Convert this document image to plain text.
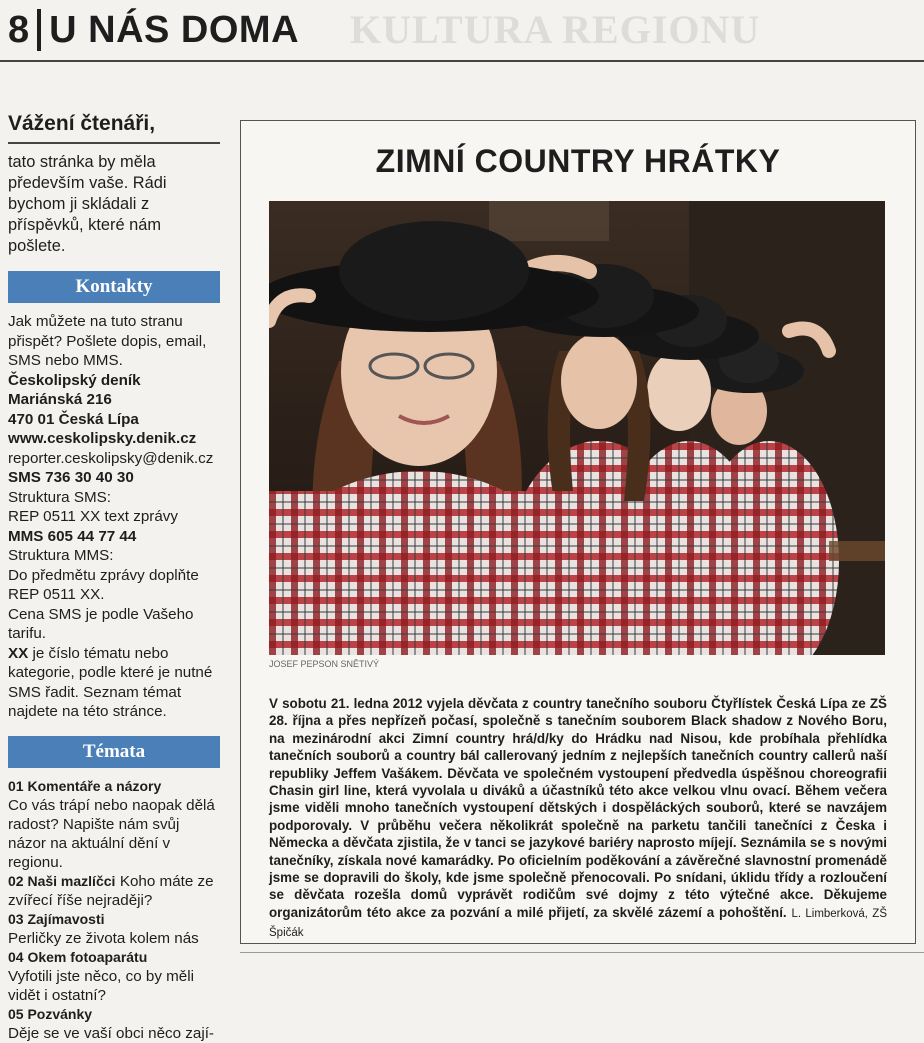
KULTURA REGIONU
8 U NÁS DOMA
Vážení čtenáři,
tato stránka by měla především vaše. Rádi bychom ji skládali z příspěvků, které nám pošlete.
Kontakty
Jak můžete na tuto stranu přispět? Pošlete dopis, email, SMS nebo MMS.
Českolipský deník
Mariánská 216
470 01 Česká Lípa
www.ceskolipsky.denik.cz
reporter.ceskolipsky@denik.cz
SMS 736 30 40 30
Struktura SMS:
REP 0511 XX text zprávy
MMS 605 44 77 44
Struktura MMS:
Do předmětu zprávy doplňte REP 0511 XX.
Cena SMS je podle Vašeho tarifu.
XX je číslo tématu nebo kategorie, podle které je nutné SMS řadit. Seznam témat najdete na této stránce.
Témata
01 Komentáře a názory
Co vás trápí nebo naopak dělá radost? Napište nám svůj názor na aktuální dění v regionu.
02 Naši mazlíčci Koho máte ze zvířecí říše nejraději?
03 Zajímavosti
Perličky ze života kolem nás
04 Okem fotoaparátu
Vyfotili jste něco, co by měli vidět i ostatní?
05 Pozvánky
Děje se ve vaší obci něco zají-
ZIMNÍ COUNTRY HRÁTKY
JOSEF PEPSON SNĚTIVÝ
V sobotu 21. ledna 2012 vyjela děvčata z country tanečního souboru Čtyřlístek Česká Lípa ze ZŠ 28. října a přes nepřízeň počasí, společně s tanečním souborem Black shadow z Nového Boru, na mezinárodní akci Zimní country hrá/d/ky do Hrádku nad Nisou, kde probíhala přehlídka tanečních souborů a country bál callerovaný jedním z nejlepších tanečních country callerů naší republiky Jeffem Vašákem. Děvčata ve společném vystoupení předvedla úspěšnou choreografii Chasin girl line, která vyvolala u diváků a účastníků této akce velkou vlnu ovací. Během večera jsme viděli mnoho tanečních vystoupení dětských i dospěláckých souborů, které se navzájem podporovaly. V průběhu večera několikrát společně na parketu tančili tanečníci z Česka i Německa a děvčata zjistila, že v tanci se jazykové bariéry naprosto míjejí. Seznámila se s novými tanečníky, získala nové kamarádky. Po oficielním poděkování a závěrečné slavnostní promenádě jsme se dopravili do školy, kde jsme společně přenocovali. Po snídani, úklidu třídy a rozloučení se děvčata rozešla domů vyprávět rodičům své dojmy z této výtečné akce. Děkujeme organizátorům této akce za pozvání a milé přijetí, za skvělé zázemí a pohoštění. L. Limberková, ZŠ Špičák
